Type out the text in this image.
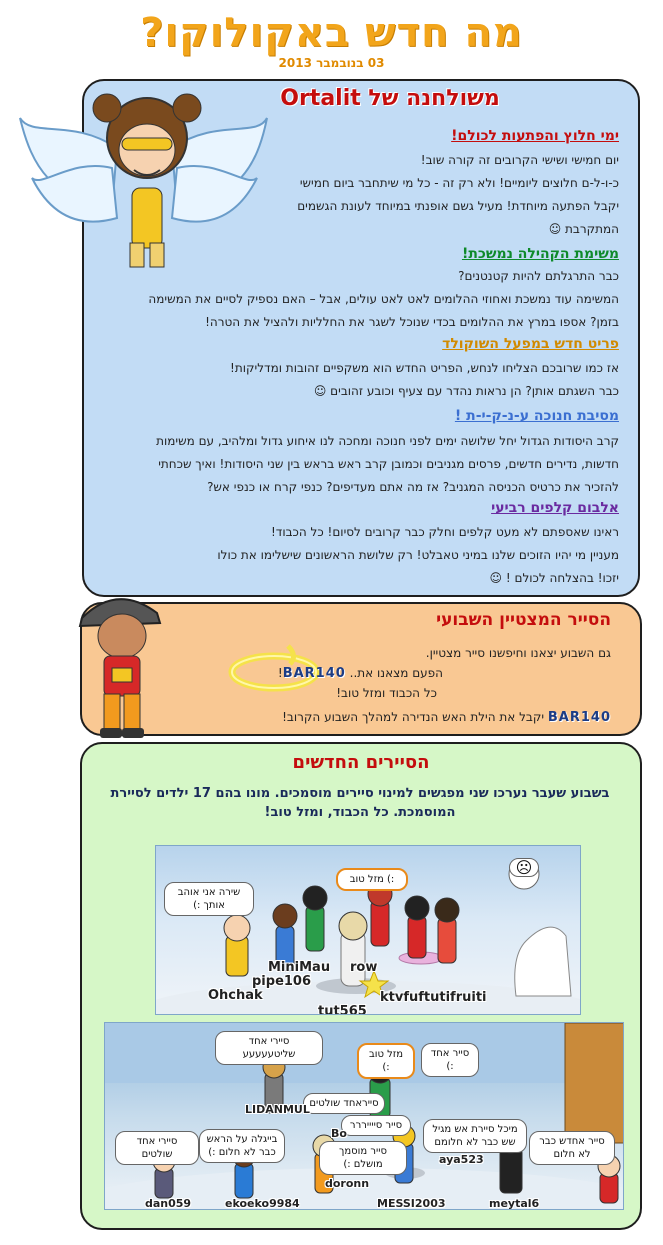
מה חדש באקולוקו?
03 בנובמבר 2013
משולחנה של Ortalit
ימי חלוץ והפתעות לכולם!
יום חמישי ושישי הקרובים זה קורה שוב!
כ-ו-ל-ם חלוצים ליומיים! ולא רק זה - כל מי שיתחבר ביום חמישי
יקבל הפתעה מיוחדת! מעיל גשם אופנתי במיוחד לעונת הגשמים
המתקרבת ☺
משימת הקהילה נמשכת!
כבר התרגלתם להיות קטנטנים?
המשימה עוד נמשכת ואחוזי ההלומים לאט לאט עולים, אבל – האם נספיק לסיים את המשימה
בזמן? אספו במרץ את ההלומים בכדי שנוכל לשגר את החלליות ולהציל את הטרה!
פריט חדש במפעל השוקולד
אז כמו שרובכם הצליחו לנחש, הפריט החדש הוא משקפיים זהובות ומדליקות!
כבר השגתם אותן? הן נראות נהדר עם צעיף וכובע זהובים ☺
מסיבת חנוכה ע-נ-ק-י-ת !
קרב היסודות הגדול יחל שלושה ימים לפני חנוכה ומחכה לנו איחוע גדול ומלהיב, עם משימות
חדשות, נדירים חדשים, פרסים מגניבים וכמובן קרב ראש בראש בין שני היסודות! ואיך שכחתי
להזכיר את כרטיס הכניסה המגניב? אז מה אתם מעדיפים? כנפי קרח או כנפי אש?
אלבום קלפים רביעי
ראינו שאספתם לא מעט קלפים וחלק כבר קרובים לסיום! כל הכבוד!
מעניין מי יהיו הזוכים שלנו במיני טאבלט! רק שלושת הראשונים שישלימו את כולו
יזכו! בהצלחה לכולם ! ☺
הסייר המצטיין השבועי
גם השבוע יצאנו וחיפשנו סייר מצטיין.
הפעם מצאנו את.. BAR140!
כל הכבוד ומזל טוב!
BAR140 יקבל את הילת האש הנדירה למהלך השבוע הקרוב!
הסיירים החדשים
בשבוע שעבר נערכו שני מפגשים למינוי סיירים מוסמכים. מונו בהם 17 ילדים לסיירת המוסמכת. כל הכבוד, ומזל טוב!
שירה אני אוהב אותך :)
:) מזל טוב
☹
Ohchak
pipe106
MiniMau row
tut565
ktvfuftutifruiti
סיירי אחד שליטעעעעע	מזל טוב :)
סייר אחד :)
סייראחד שולטים
סייר סייייררר
סיירי אחד שולטים
בייגלה על הראש כבר לא חלום :)	סייר מוסמך מושלם :)
מיכל סיירת אש מגיל שש כבר לא חלומם	סייר אחדש כבר לא חלום
LIDANMUL
Bo
aya523
dan059	ekoeko9984
doronn
MESSI2003	meytal6
